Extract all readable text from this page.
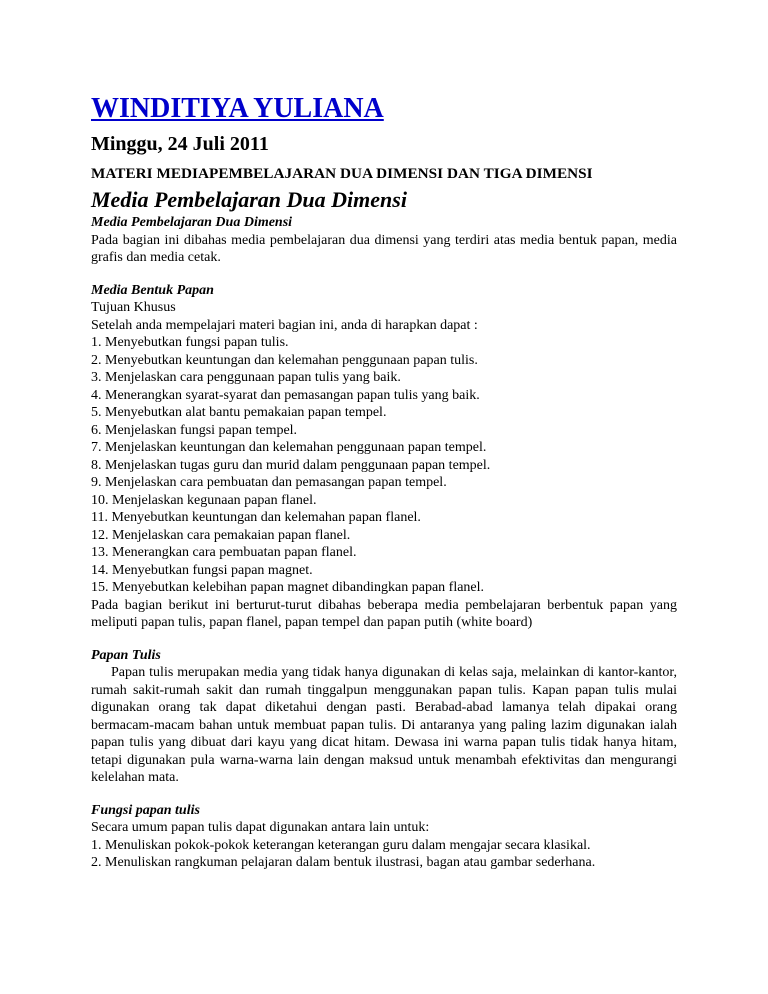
WINDITIYA YULIANA
Minggu, 24 Juli 2011
MATERI MEDIAPEMBELAJARAN DUA DIMENSI DAN TIGA DIMENSI
Media Pembelajaran Dua Dimensi
Media Pembelajaran Dua Dimensi
Pada bagian ini dibahas media pembelajaran dua dimensi yang terdiri atas media bentuk papan, media grafis dan media cetak.
Media Bentuk Papan
Tujuan Khusus
Setelah anda mempelajari materi bagian ini, anda di harapkan dapat :
1. Menyebutkan fungsi papan tulis.
2. Menyebutkan keuntungan dan kelemahan penggunaan papan tulis.
3. Menjelaskan cara penggunaan papan tulis yang baik.
4. Menerangkan syarat-syarat dan pemasangan papan tulis yang baik.
5. Menyebutkan alat bantu pemakaian papan tempel.
6. Menjelaskan fungsi papan tempel.
7. Menjelaskan keuntungan dan kelemahan penggunaan papan tempel.
8. Menjelaskan tugas guru dan murid dalam penggunaan papan tempel.
9. Menjelaskan cara pembuatan dan pemasangan papan tempel.
10. Menjelaskan kegunaan papan flanel.
11. Menyebutkan keuntungan dan kelemahan papan flanel.
12. Menjelaskan cara pemakaian papan flanel.
13. Menerangkan cara pembuatan papan flanel.
14. Menyebutkan fungsi papan magnet.
15. Menyebutkan kelebihan papan magnet dibandingkan papan flanel.
Pada bagian berikut ini berturut-turut dibahas beberapa media pembelajaran berbentuk papan yang meliputi papan tulis, papan flanel, papan tempel dan papan putih (white board)
Papan Tulis
Papan tulis merupakan media yang tidak hanya digunakan di kelas saja, melainkan di kantor-kantor, rumah sakit-rumah sakit dan rumah tinggalpun menggunakan papan tulis. Kapan papan tulis mulai digunakan orang tak dapat diketahui dengan pasti. Berabad-abad lamanya telah dipakai orang bermacam-macam bahan untuk membuat papan tulis. Di antaranya yang paling lazim digunakan ialah papan tulis yang dibuat dari kayu yang dicat hitam. Dewasa ini warna papan tulis tidak hanya hitam, tetapi digunakan pula warna-warna lain dengan maksud untuk menambah efektivitas dan mengurangi kelelahan mata.
Fungsi papan tulis
Secara umum papan tulis dapat digunakan antara lain untuk:
1. Menuliskan pokok-pokok keterangan keterangan guru dalam mengajar secara klasikal.
2. Menuliskan rangkuman pelajaran dalam bentuk ilustrasi, bagan atau gambar sederhana.
